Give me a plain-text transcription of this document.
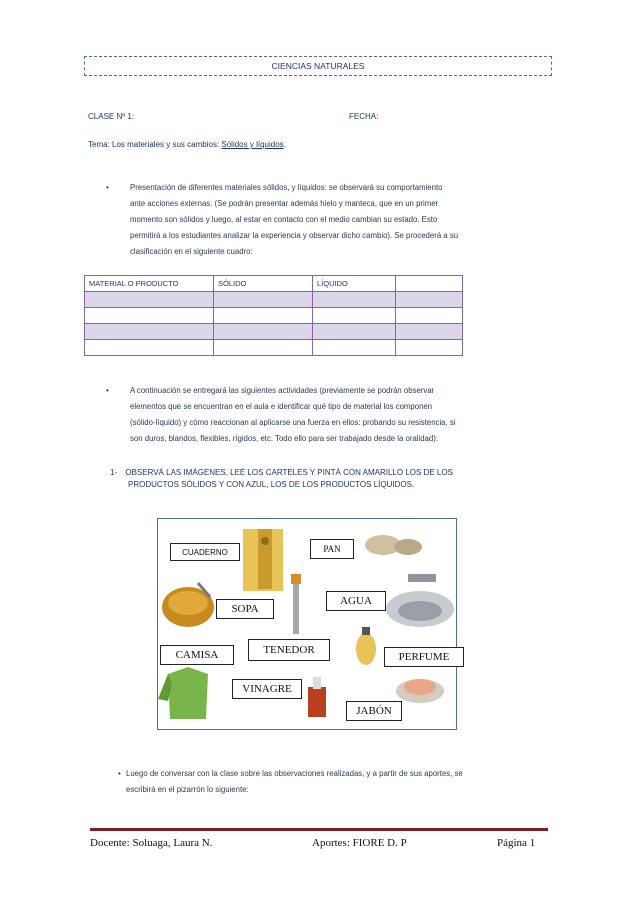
CIENCIAS NATURALES
CLASE Nº 1:	FECHA:
Tema: Los materiales y sus cambios: Sólidos y líquidos.
•	Presentación de diferentes materiales sólidos, y líquidos: se observará su comportamiento
ante acciones externas. (Se podrán presentar además hielo y manteca, que en un primer
momento son sólidos y luego, al estar en contacto con el medio cambian su estado. Esto
permitirá a los estudiantes analizar la experiencia y observar dicho cambio). Se procederá a su
clasificación en el siguiente cuadro:
MATERIAL O PRODUCTO	SÓLIDO	LÍQUIDO	

•	A continuación se entregará las siguientes actividades (previamente se podrán observar
elementos que se encuentran en el aula e identificar qué tipo de material los componen
(sólido-líquido) y cómo reaccionan al aplicarse una fuerza en ellos: probando su resistencia, si
son duros, blandos, flexibles, rígidos, etc. Todo ello para ser trabajado desde la oralidad):
1- OBSERVÁ LAS IMÁGENES, LEÉ LOS CARTELES Y PINTÁ CON AMARILLO LOS DE LOS
PRODUCTOS SÓLIDOS Y CON AZUL, LOS DE LOS PRODUCTOS LÍQUIDOS.
CUADERNO	PAN
AGUA
SOPA
TENEDOR
CAMISA	PERFUME
VINAGRE
JABÓN
• Luego de conversar con la clase sobre las observaciones realizadas, y a partir de sus aportes, se
escribirá en el pizarrón lo siguiente:
Docente: Soluaga, Laura N.	Aportes: FIORE D. P	Página 1
